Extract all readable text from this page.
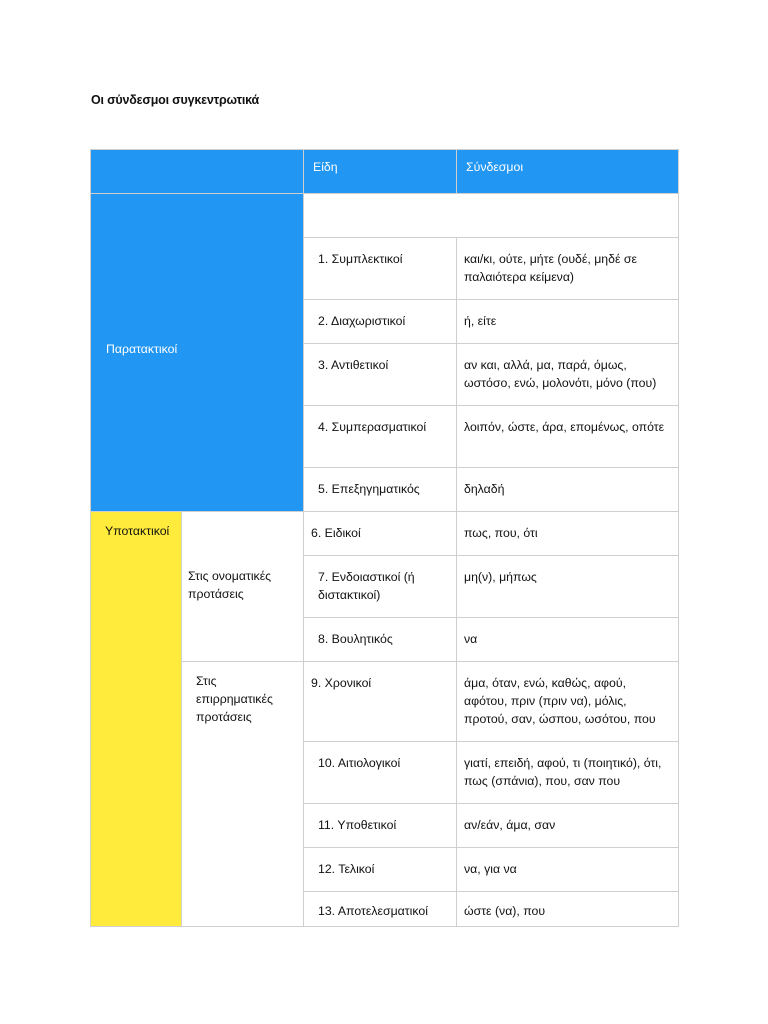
Οι σύνδεσμοι συγκεντρωτικά

		Είδη	Σύνδεσμοι

Παρατακτικοί			

		1. Συμπλεκτικοί	και/κι, ούτε, μήτε (ουδέ, μηδέ σε παλαιότερα κείμενα)

		2. Διαχωριστικοί	ή, είτε

		3. Αντιθετικοί	αν και, αλλά, μα, παρά, όμως, ωστόσο, ενώ, μολονότι, μόνο (που)

		4. Συμπερασματικοί	λοιπόν, ώστε, άρα, επομένως, οπότε

		5. Επεξηγηματικός	δηλαδή

Υποτακτικοί	Στις ονοματικές προτάσεις	6. Ειδικοί	πως, που, ότι

		7. Ενδοιαστικοί (ή διστακτικοί)	μη(ν), μήπως

		8. Βουλητικός	να

	Στις επιρρηματικές προτάσεις	9. Χρονικοί	άμα, όταν, ενώ, καθώς, αφού, αφότου, πριν (πριν να), μόλις, προτού, σαν, ώσπου, ωσότου, που

		10. Αιτιολογικοί	γιατί, επειδή, αφού, τι (ποιητικό), ότι, πως (σπάνια), που, σαν που

		11. Υποθετικοί	αν/εάν, άμα, σαν

		12. Τελικοί	να, για να

		13. Αποτελεσματικοί	ώστε (να), που
